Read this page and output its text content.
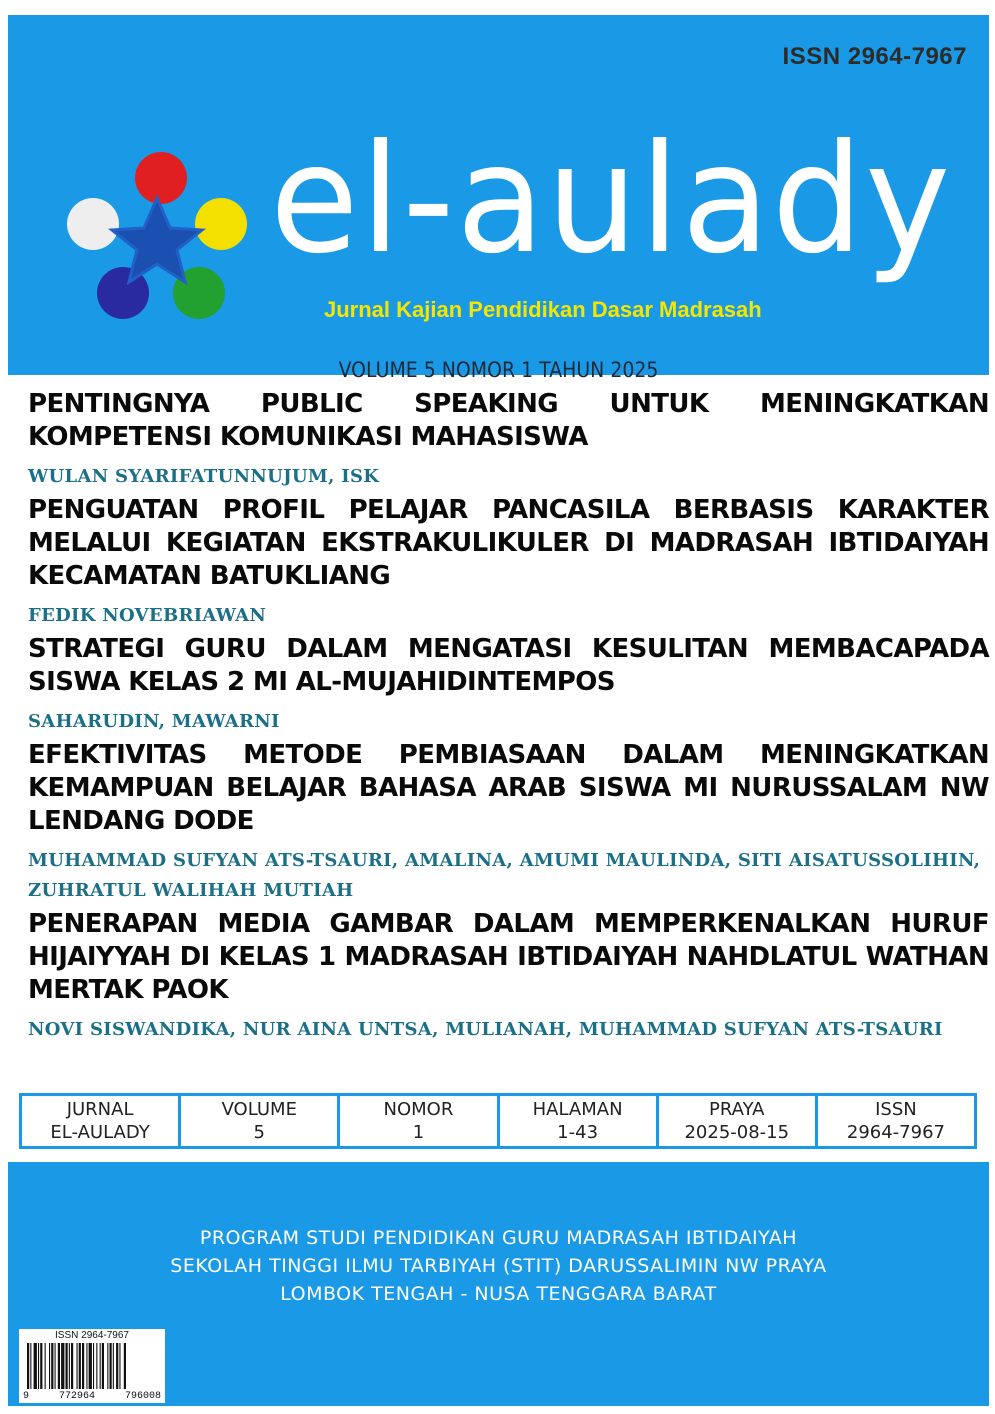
ISSN 2964-7967
el-aulady
Jurnal Kajian Pendidikan Dasar Madrasah
VOLUME 5 NOMOR 1 TAHUN 2025

PENTINGNYA PUBLIC SPEAKING UNTUK MENINGKATKAN KOMPETENSI KOMUNIKASI MAHASISWA

WULAN SYARIFATUNNUJUM, ISK

PENGUATAN PROFIL PELAJAR PANCASILA BERBASIS KARAKTER MELALUI KEGIATAN EKSTRAKULIKULER DI MADRASAH IBTIDAIYAH KECAMATAN BATUKLIANG

FEDIK NOVEBRIAWAN

STRATEGI GURU DALAM MENGATASI KESULITAN MEMBACAPADA SISWA KELAS 2 MI AL-MUJAHIDINTEMPOS

SAHARUDIN, MAWARNI

EFEKTIVITAS METODE PEMBIASAAN DALAM MENINGKATKAN KEMAMPUAN BELAJAR BAHASA ARAB SISWA MI NURUSSALAM NW LENDANG DODE

MUHAMMAD SUFYAN ATS-TSAURI, AMALINA, AMUMI MAULINDA, SITI AISATUSSOLIHIN, ZUHRATUL WALIHAH MUTIAH

PENERAPAN MEDIA GAMBAR DALAM MEMPERKENALKAN HURUF HIJAIYYAH DI KELAS 1 MADRASAH IBTIDAIYAH NAHDLATUL WATHAN MERTAK PAOK

NOVI SISWANDIKA, NUR AINA UNTSA, MULIANAH, MUHAMMAD SUFYAN ATS-TSAURI
JURNAL
EL-AULADY
VOLUME
5
NOMOR
1
HALAMAN
1-43
PRAYA
2025-08-15
ISSN
2964-7967
PROGRAM STUDI PENDIDIKAN GURU MADRASAH IBTIDAIYAH
SEKOLAH TINGGI ILMU TARBIYAH (STIT) DARUSSALIMIN NW PRAYA
LOMBOK TENGAH - NUSA TENGGARA BARAT
ISSN 2964-7967
9	772964	796008
